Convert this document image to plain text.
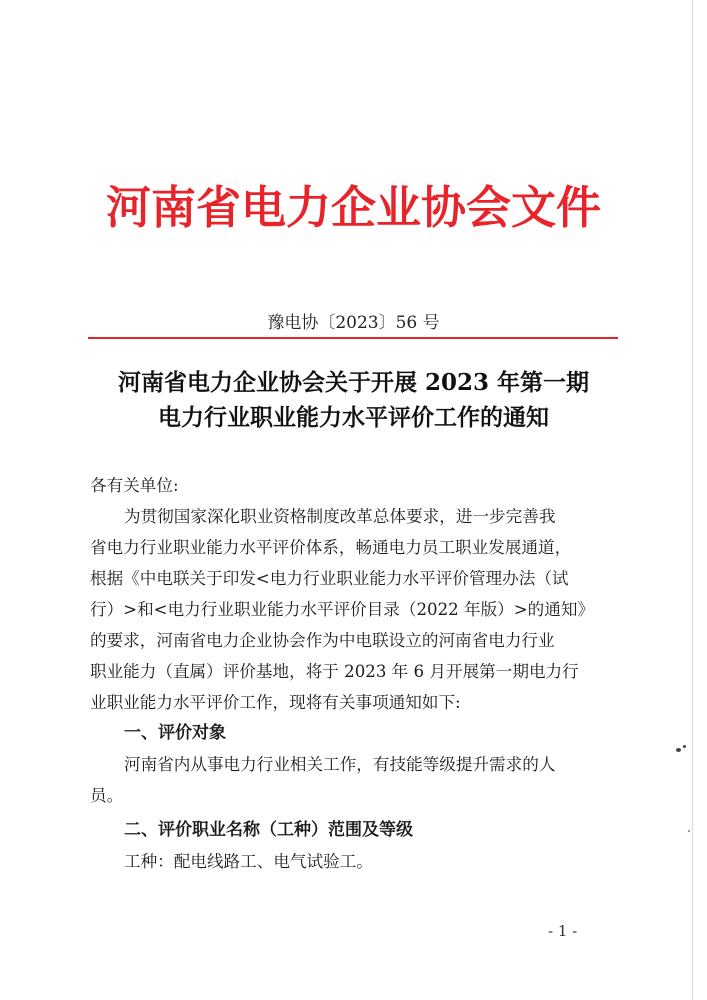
河南省电力企业协会文件
豫电协〔2023〕56 号
河南省电力企业协会关于开展 2023 年第一期
电力行业职业能力水平评价工作的通知
各有关单位:
为贯彻国家深化职业资格制度改革总体要求，进一步完善我
省电力行业职业能力水平评价体系，畅通电力员工职业发展通道，
根据《中电联关于印发<电力行业职业能力水平评价管理办法（试
行）>和<电力行业职业能力水平评价目录（2022 年版）>的通知》
的要求，河南省电力企业协会作为中电联设立的河南省电力行业
职业能力（直属）评价基地，将于 2023 年 6 月开展第一期电力行
业职业能力水平评价工作，现将有关事项通知如下:
一、评价对象
河南省内从事电力行业相关工作，有技能等级提升需求的人
员。
二、评价职业名称（工种）范围及等级
工种：配电线路工、电气试验工。
- 1 -
